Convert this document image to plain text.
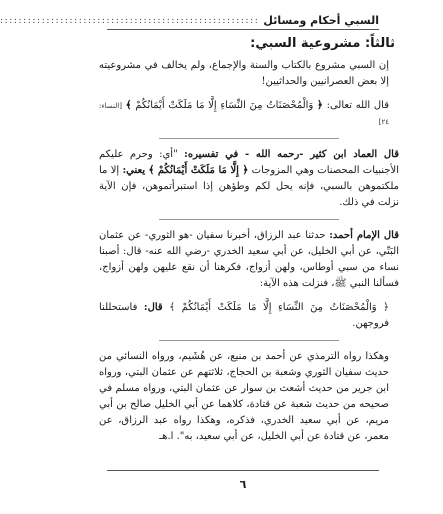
السبي أحكام ومسائل
::::::::::::::::::::::::::::::::::::::::::::::::::::::::
ثالثاً: مشروعية السبي:

إن السبي مشروع بالكتاب والسنة والإجماع، ولم يخالف في مشروعيته إلا بعض العصرانيين والحداثيين!

قال الله تعالى: ﴿ وَالْمُحْصَنَاتُ مِنَ النِّسَاءِ إِلَّا مَا مَلَكَتْ أَيْمَانُكُمْ ﴾ [النساء: ٢٤]

قال العماد ابن كثير -رحمه الله - في تفسيره: "أي: وحرم عليكم الأجنبيات المحصنات وهي المزوجات ﴿ إِلَّا مَا مَلَكَتْ أَيْمَانُكُمْ ﴾ يعني: إلا ما ملكتموهن بالسبي، فإنه يحل لكم وطؤهن إذا استبرأتموهن، فإن الآية نزلت في ذلك.

قال الإمام أحمد: حدثنا عبد الرزاق، أخبرنا سفيان -هو الثوري- عن عثمان البَتّي، عن أبي الخليل، عن أبي سعيد الخدري -رضي الله عنه- قال: أصبنا نساء من سبي أوطاس، ولهن أزواج، فكرهنا أن نقع عليهن ولهن أزواج، فسألنا النبي ﷺ، فنزلت هذه الآية:

﴿ وَالْمُحْصَنَاتُ مِنَ النِّسَاءِ إِلَّا مَا مَلَكَتْ أَيْمَانُكُمْ ﴾ قال: فاستحللنا فروجهن.

وهكذا رواه الترمذي عن أحمد بن منيع، عن هُشَيم، ورواه النسائي من حديث سفيان الثوري وشعبة بن الحجاج، ثلاثتهم عن عثمان البتي، ورواه ابن جرير من حديث أشعث بن سوار عن عثمان البتي، ورواه مسلم في صحيحه من حديث شعبة عن قتادة، كلاهما عن أبي الخليل صالح بن أبي مريم، عن أبي سعيد الخدري، فذكره، وهكذا رواه عبد الرزاق، عن معمر، عن قتادة عن أبي الخليل، عن أبي سعيد، به". ا.هـ

٦
